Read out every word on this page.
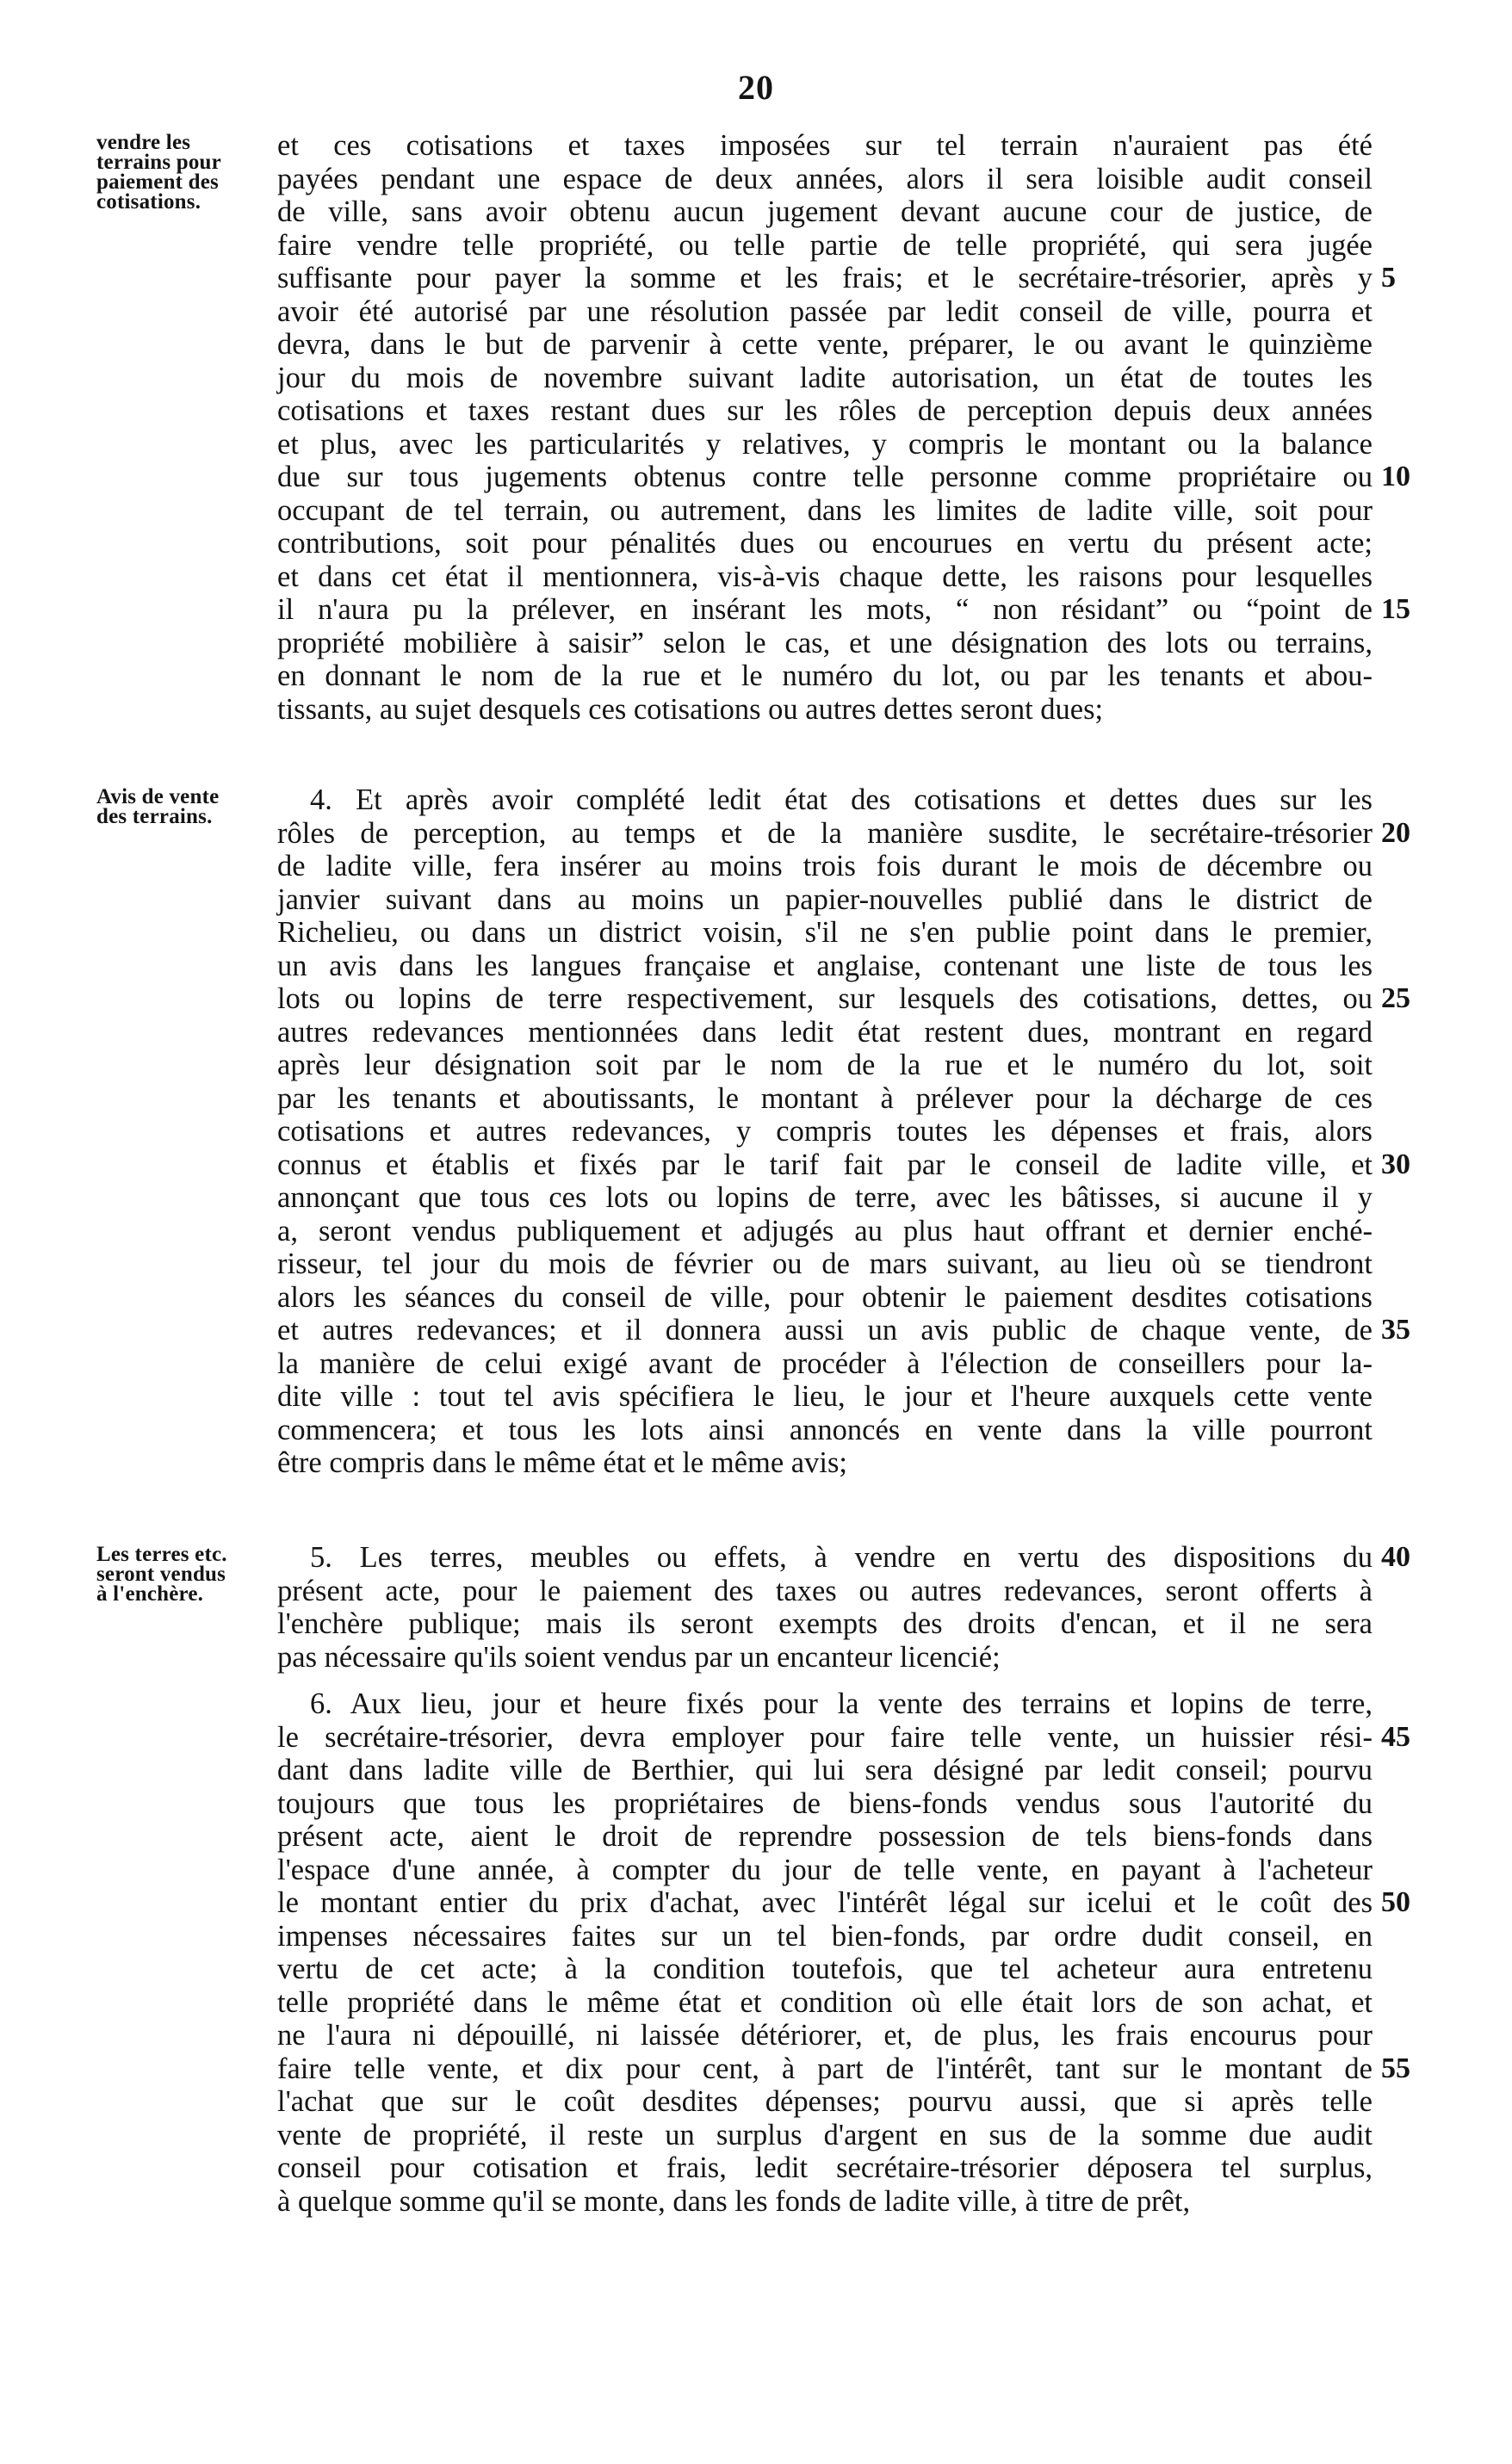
20
vendre les
terrains pour
paiement des
cotisations.
et ces cotisations et taxes imposées sur tel terrain n'auraient pas été
payées pendant une espace de deux années, alors il sera loisible audit conseil
de ville, sans avoir obtenu aucun jugement devant aucune cour de justice, de
faire vendre telle propriété, ou telle partie de telle propriété, qui sera jugée
suffisante pour payer la somme et les frais; et le secrétaire-trésorier, après y
avoir été autorisé par une résolution passée par ledit conseil de ville, pourra et
devra, dans le but de parvenir à cette vente, préparer, le ou avant le quinzième
jour du mois de novembre suivant ladite autorisation, un état de toutes les
cotisations et taxes restant dues sur les rôles de perception depuis deux années
et plus, avec les particularités y relatives, y compris le montant ou la balance
due sur tous jugements obtenus contre telle personne comme propriétaire ou
occupant de tel terrain, ou autrement, dans les limites de ladite ville, soit pour
contributions, soit pour pénalités dues ou encourues en vertu du présent acte;
et dans cet état il mentionnera, vis-à-vis chaque dette, les raisons pour lesquelles
il n'aura pu la prélever, en insérant les mots, “ non résidant” ou “point de
propriété mobilière à saisir” selon le cas, et une désignation des lots ou terrains,
en donnant le nom de la rue et le numéro du lot, ou par les tenants et abou-
tissants, au sujet desquels ces cotisations ou autres dettes seront dues;
5
10
15
Avis de vente
des terrains.
4. Et après avoir complété ledit état des cotisations et dettes dues sur les
rôles de perception, au temps et de la manière susdite, le secrétaire-trésorier
de ladite ville, fera insérer au moins trois fois durant le mois de décembre ou
janvier suivant dans au moins un papier-nouvelles publié dans le district de
Richelieu, ou dans un district voisin, s'il ne s'en publie point dans le premier,
un avis dans les langues française et anglaise, contenant une liste de tous les
lots ou lopins de terre respectivement, sur lesquels des cotisations, dettes, ou
autres redevances mentionnées dans ledit état restent dues, montrant en regard
après leur désignation soit par le nom de la rue et le numéro du lot, soit
par les tenants et aboutissants, le montant à prélever pour la décharge de ces
cotisations et autres redevances, y compris toutes les dépenses et frais, alors
connus et établis et fixés par le tarif fait par le conseil de ladite ville, et
annonçant que tous ces lots ou lopins de terre, avec les bâtisses, si aucune il y
a, seront vendus publiquement et adjugés au plus haut offrant et dernier enché-
risseur, tel jour du mois de février ou de mars suivant, au lieu où se tiendront
alors les séances du conseil de ville, pour obtenir le paiement desdites cotisations
et autres redevances; et il donnera aussi un avis public de chaque vente, de
la manière de celui exigé avant de procéder à l'élection de conseillers pour la-
dite ville : tout tel avis spécifiera le lieu, le jour et l'heure auxquels cette vente
commencera; et tous les lots ainsi annoncés en vente dans la ville pourront
être compris dans le même état et le même avis;
20
25
30
35
Les terres etc.
seront vendus
à l'enchère.
5. Les terres, meubles ou effets, à vendre en vertu des dispositions du
présent acte, pour le paiement des taxes ou autres redevances, seront offerts à
l'enchère publique; mais ils seront exempts des droits d'encan, et il ne sera
pas nécessaire qu'ils soient vendus par un encanteur licencié;
40
6. Aux lieu, jour et heure fixés pour la vente des terrains et lopins de terre,
le secrétaire-trésorier, devra employer pour faire telle vente, un huissier rési-
dant dans ladite ville de Berthier, qui lui sera désigné par ledit conseil; pourvu
toujours que tous les propriétaires de biens-fonds vendus sous l'autorité du
présent acte, aient le droit de reprendre possession de tels biens-fonds dans
l'espace d'une année, à compter du jour de telle vente, en payant à l'acheteur
le montant entier du prix d'achat, avec l'intérêt légal sur icelui et le coût des
impenses nécessaires faites sur un tel bien-fonds, par ordre dudit conseil, en
vertu de cet acte; à la condition toutefois, que tel acheteur aura entretenu
telle propriété dans le même état et condition où elle était lors de son achat, et
ne l'aura ni dépouillé, ni laissée détériorer, et, de plus, les frais encourus pour
faire telle vente, et dix pour cent, à part de l'intérêt, tant sur le montant de
l'achat que sur le coût desdites dépenses; pourvu aussi, que si après telle
vente de propriété, il reste un surplus d'argent en sus de la somme due audit
conseil pour cotisation et frais, ledit secrétaire-trésorier déposera tel surplus,
à quelque somme qu'il se monte, dans les fonds de ladite ville, à titre de prêt,
45
50
55
